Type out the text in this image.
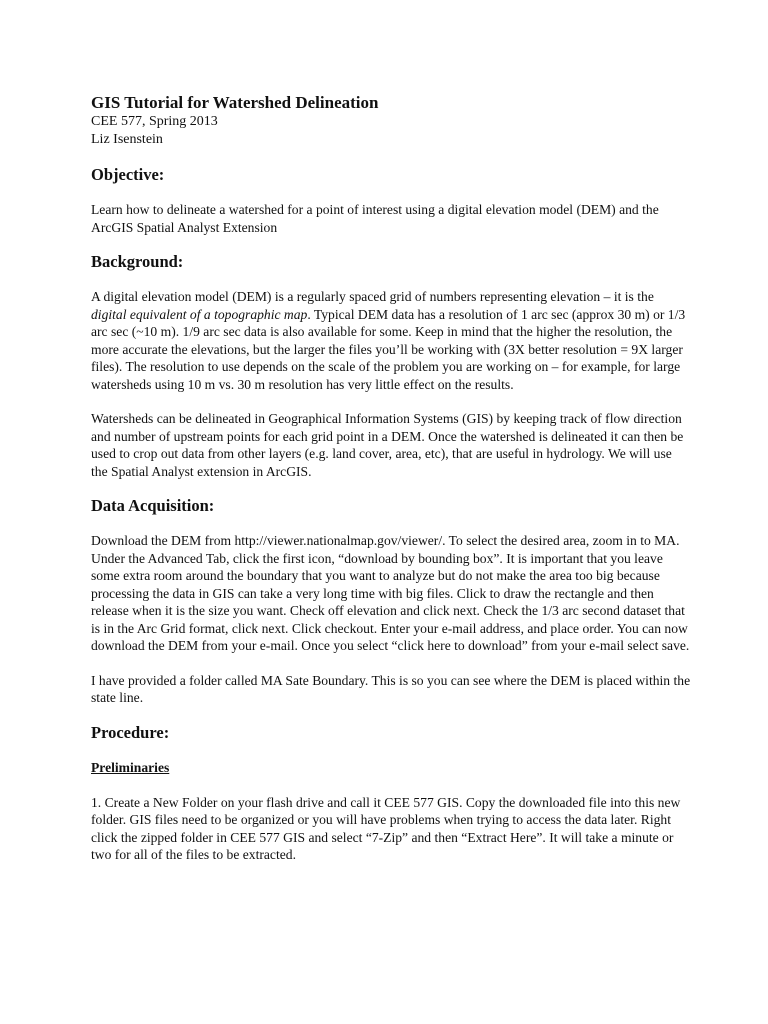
GIS Tutorial for Watershed Delineation

CEE 577, Spring 2013

Liz Isenstein

Objective:

Learn how to delineate a watershed for a point of interest using a digital elevation model (DEM) and the ArcGIS Spatial Analyst Extension

Background:

A digital elevation model (DEM) is a regularly spaced grid of numbers representing elevation – it is the digital equivalent of a topographic map. Typical DEM data has a resolution of 1 arc sec (approx 30 m) or 1/3 arc sec (~10 m). 1/9 arc sec data is also available for some. Keep in mind that the higher the resolution, the more accurate the elevations, but the larger the files you’ll be working with (3X better resolution = 9X larger files). The resolution to use depends on the scale of the problem you are working on – for example, for large watersheds using 10 m vs. 30 m resolution has very little effect on the results.

Watersheds can be delineated in Geographical Information Systems (GIS) by keeping track of flow direction and number of upstream points for each grid point in a DEM. Once the watershed is delineated it can then be used to crop out data from other layers (e.g. land cover, area, etc), that are useful in hydrology. We will use the Spatial Analyst extension in ArcGIS.

Data Acquisition:

Download the DEM from http://viewer.nationalmap.gov/viewer/. To select the desired area, zoom in to MA. Under the Advanced Tab, click the first icon, “download by bounding box”. It is important that you leave some extra room around the boundary that you want to analyze but do not make the area too big because processing the data in GIS can take a very long time with big files. Click to draw the rectangle and then release when it is the size you want. Check off elevation and click next. Check the 1/3 arc second dataset that is in the Arc Grid format, click next. Click checkout. Enter your e-mail address, and place order. You can now download the DEM from your e-mail. Once you select “click here to download” from your e-mail select save.

I have provided a folder called MA Sate Boundary. This is so you can see where the DEM is placed within the state line.

Procedure:
Preliminaries

1. Create a New Folder on your flash drive and call it CEE 577 GIS. Copy the downloaded file into this new folder. GIS files need to be organized or you will have problems when trying to access the data later. Right click the zipped folder in CEE 577 GIS and select “7-Zip” and then “Extract Here”. It will take a minute or two for all of the files to be extracted.
